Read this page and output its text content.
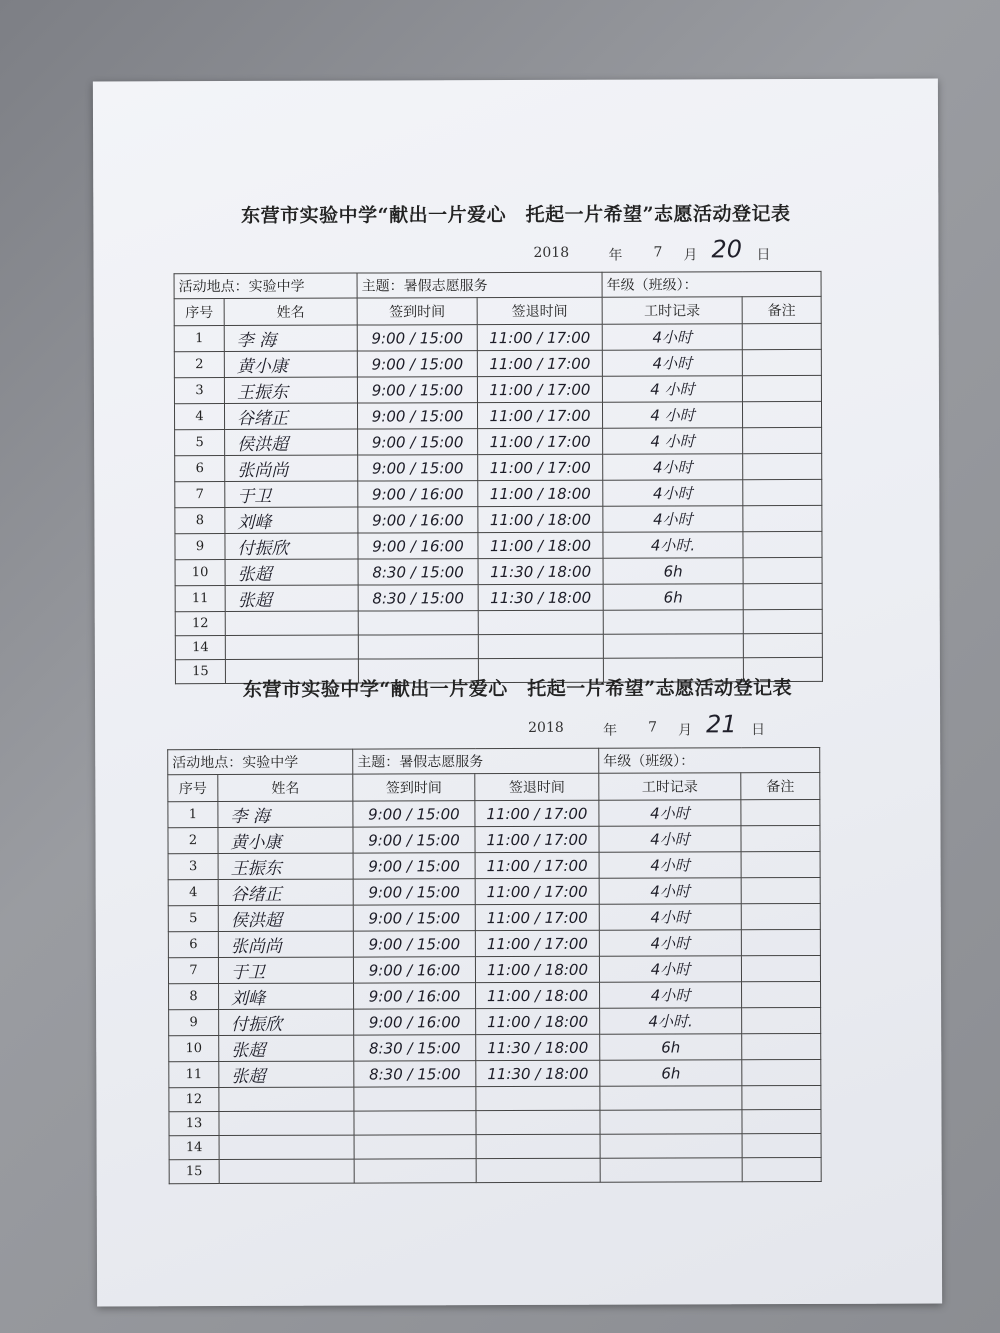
东营市实验中学“献出一片爱心　托起一片希望”志愿活动登记表
2018	年 7 月 20 日
活动地点：实验中学		主题：暑假志愿服务		年级（班级）：	
序号	姓名	签到时间	签退时间	工时记录	备注
1	李 海	9:00 / 15:00	11:00 / 17:00	4小时	
2	黄小康	9:00 / 15:00	11:00 / 17:00	4小时	
3	王振东	9:00 / 15:00	11:00 / 17:00	4 小时	
4	谷绪正	9:00 / 15:00	11:00 / 17:00	4 小时	
5	侯洪超	9:00 / 15:00	11:00 / 17:00	4 小时	
6	张尚尚	9:00 / 15:00	11:00 / 17:00	4小时	
7	于卫	9:00 / 16:00	11:00 / 18:00	4小时	
8	刘峰	9:00 / 16:00	11:00 / 18:00	4小时	
9	付振欣	9:00 / 16:00	11:00 / 18:00	4小时.	
10	张超	8:30 / 15:00	11:30 / 18:00	6h	
11	张超	8:30 / 15:00	11:30 / 18:00	6h	
12					
14					
15					
东营市实验中学“献出一片爱心　托起一片希望”志愿活动登记表
2018	年 7 月 21 日
活动地点：实验中学		主题：暑假志愿服务		年级（班级）：	
序号	姓名	签到时间	签退时间	工时记录	备注
1	李 海	9:00 / 15:00	11:00 / 17:00	4小时	
2	黄小康	9:00 / 15:00	11:00 / 17:00	4小时	
3	王振东	9:00 / 15:00	11:00 / 17:00	4小时	
4	谷绪正	9:00 / 15:00	11:00 / 17:00	4小时	
5	侯洪超	9:00 / 15:00	11:00 / 17:00	4小时	
6	张尚尚	9:00 / 15:00	11:00 / 17:00	4小时	
7	于卫	9:00 / 16:00	11:00 / 18:00	4小时	
8	刘峰	9:00 / 16:00	11:00 / 18:00	4小时	
9	付振欣	9:00 / 16:00	11:00 / 18:00	4小时.	
10	张超	8:30 / 15:00	11:30 / 18:00	6h	
11	张超	8:30 / 15:00	11:30 / 18:00	6h	
12					
13					
14					
15					
